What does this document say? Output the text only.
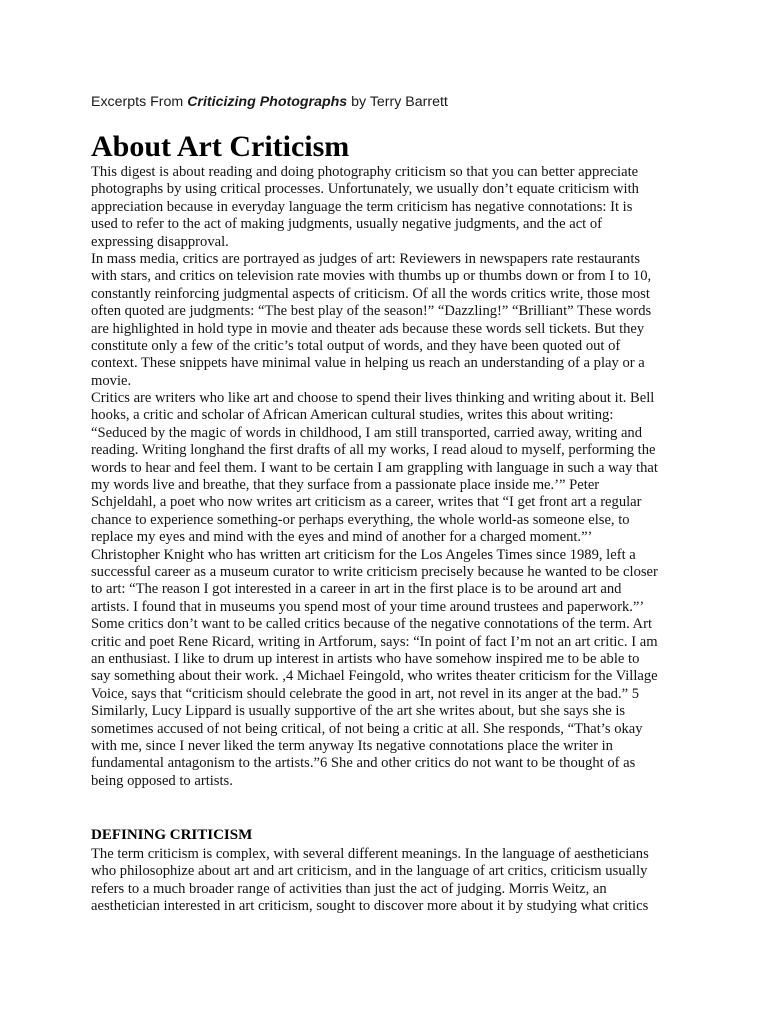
Excerpts From Criticizing Photographs by Terry Barrett
About Art Criticism
This digest is about reading and doing photography criticism so that you can better appreciate
photographs by using critical processes. Unfortunately, we usually don’t equate criticism with
appreciation because in everyday language the term criticism has negative connotations: It is
used to refer to the act of making judgments, usually negative judgments, and the act of
expressing disapproval.
In mass media, critics are portrayed as judges of art: Reviewers in newspapers rate restaurants
with stars, and critics on television rate movies with thumbs up or thumbs down or from I to 10,
constantly reinforcing judgmental aspects of criticism. Of all the words critics write, those most
often quoted are judgments: “The best play of the season!” “Dazzling!” “Brilliant” These words
are highlighted in hold type in movie and theater ads because these words sell tickets. But they
constitute only a few of the critic’s total output of words, and they have been quoted out of
context. These snippets have minimal value in helping us reach an understanding of a play or a
movie.
Critics are writers who like art and choose to spend their lives thinking and writing about it. Bell
hooks, a critic and scholar of African American cultural studies, writes this about writing:
“Seduced by the magic of words in childhood, I am still transported, carried away, writing and
reading. Writing longhand the first drafts of all my works, I read aloud to myself, performing the
words to hear and feel them. I want to be certain I am grappling with language in such a way that
my words live and breathe, that they surface from a passionate place inside me.’” Peter
Schjeldahl, a poet who now writes art criticism as a career, writes that “I get front art a regular
chance to experience something-or perhaps everything, the whole world-as someone else, to
replace my eyes and mind with the eyes and mind of another for a charged moment.”’
Christopher Knight who has written art criticism for the Los Angeles Times since 1989, left a
successful career as a museum curator to write criticism precisely because he wanted to be closer
to art: “The reason I got interested in a career in art in the first place is to be around art and
artists. I found that in museums you spend most of your time around trustees and paperwork.”’
Some critics don’t want to be called critics because of the negative connotations of the term. Art
critic and poet Rene Ricard, writing in Artforum, says: “In point of fact I’m not an art critic. I am
an enthusiast. I like to drum up interest in artists who have somehow inspired me to be able to
say something about their work. ,4 Michael Feingold, who writes theater criticism for the Village
Voice, says that “criticism should celebrate the good in art, not revel in its anger at the bad.” 5
Similarly, Lucy Lippard is usually supportive of the art she writes about, but she says she is
sometimes accused of not being critical, of not being a critic at all. She responds, “That’s okay
with me, since I never liked the term anyway Its negative connotations place the writer in
fundamental antagonism to the artists.”6 She and other critics do not want to be thought of as
being opposed to artists.
DEFINING CRITICISM
The term criticism is complex, with several different meanings. In the language of aestheticians
who philosophize about art and art criticism, and in the language of art critics, criticism usually
refers to a much broader range of activities than just the act of judging. Morris Weitz, an
aesthetician interested in art criticism, sought to discover more about it by studying what critics
